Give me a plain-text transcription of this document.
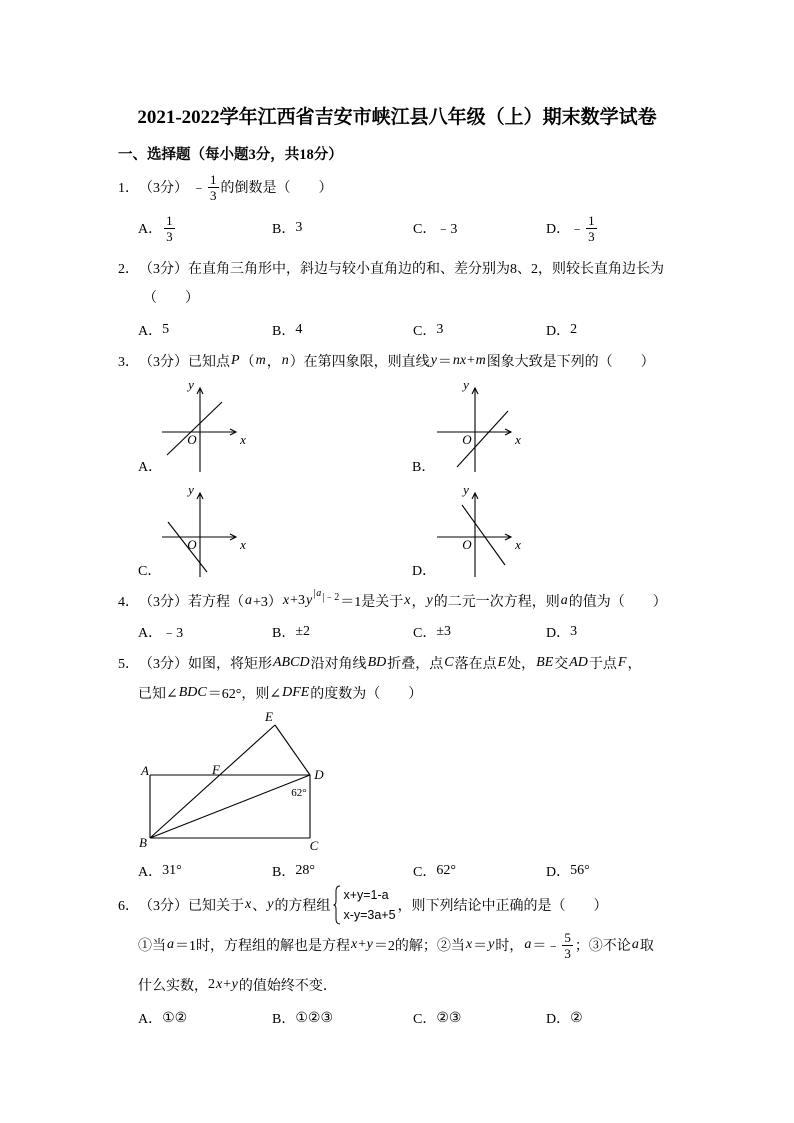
2021-2022学年江西省吉安市峡江县八年级（上）期末数学试卷
一、选择题（每小题3分，共18分）
1． （3分） ﹣ $\frac{1}{3}$ 的倒数是（　　）
A． $\frac{1}{3}$	B． 3	C． ﹣3	D． ﹣ $\frac{1}{3}$
2． （3分） 在直角三角形中，斜边与较小直角边的和、差分别为8、2，则较长直角边长为
（　　）
A． 5	B． 4	C． 3	D． 2
3． （3分） 已知点 P （ m ， n ）在第四象限，则直线 y ＝ nx+m 图象大致是下列的（　　）
y
x
O
A．
y
x
O
B．
y
x
O
C．
y
x
O
D．
4． （3分） 若方程（ a +3） x +3 y | a |﹣2 ＝1是关于 x ， y 的二元一次方程，则 a 的值为（　　）
A． ﹣3	B． ±2	C． ±3	D． 3
5． （3分） 如图，将矩形 ABCD 沿对角线 BD 折叠，点 C 落在点 E 处， BE 交 AD 于点 F ，
已知∠ BDC ＝62°，则∠ DFE 的度数为（　　）
A	F	D
E
B	C
62°
A． 31°	B． 28°	C． 62°	D． 56°
6． （3分） 已知关于 x 、 y 的方程组
x+y=1-a
x-y=3a+5
，则下列结论中正确的是（　　）
①当 a ＝1时，方程组的解也是方程 x+y ＝2的解；②当 x ＝ y 时， a ＝﹣ $\frac{5}{3}$ ；③不论 a 取
什么实数， 2 x+y 的值始终不变．
A． ①②	B． ①②③	C． ②③	D． ②
